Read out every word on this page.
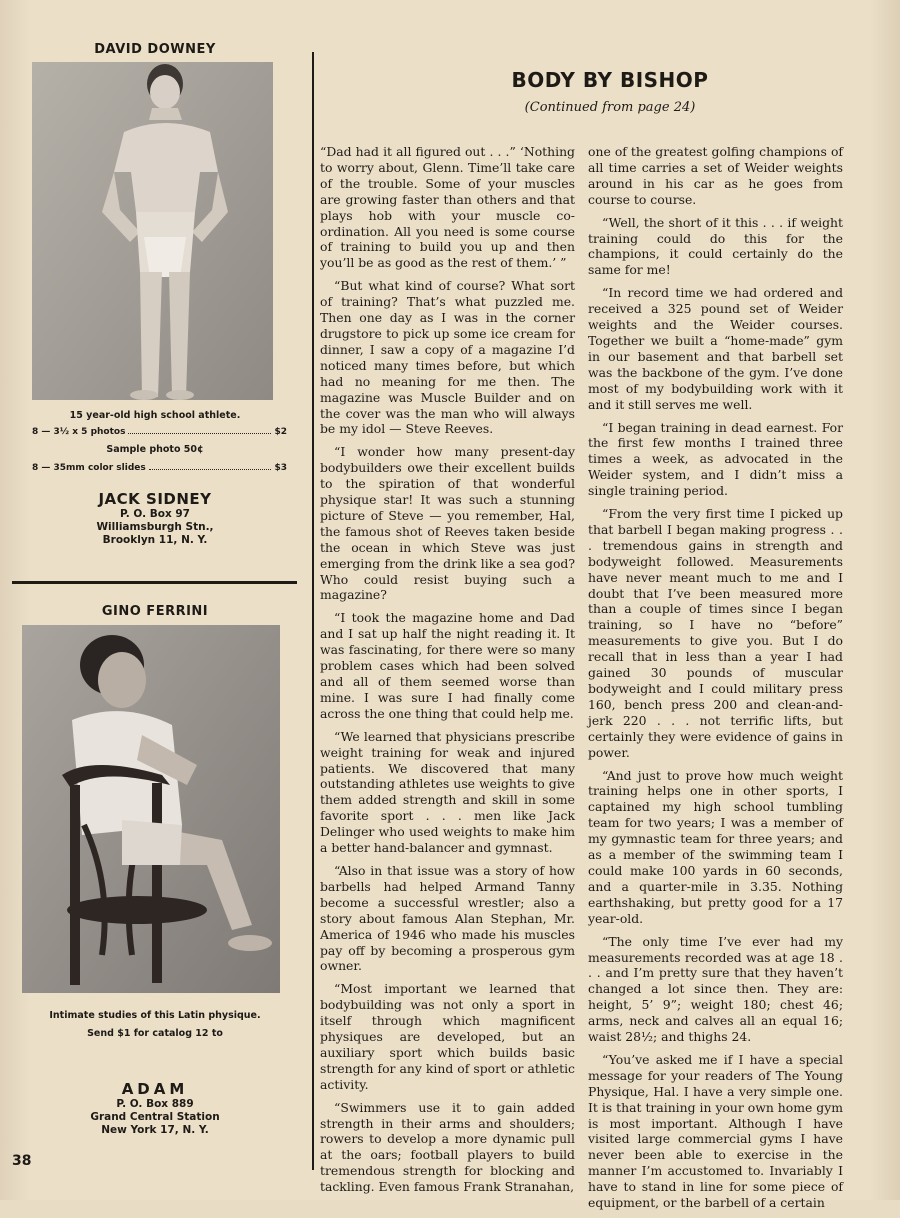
DAVID DOWNEY
15 year-old high school athlete.
8 — 3½ x 5 photos	$2
Sample photo 50¢
8 — 35mm color slides	$3
JACK SIDNEY
P. O. Box 97
Williamsburgh Stn.,
Brooklyn 11, N. Y.
GINO FERRINI
Intimate studies of this Latin physique.
Send $1 for catalog 12 to
ADAM
P. O. Box 889
Grand Central Station
New York 17, N. Y.
38
BODY BY BISHOP
(Continued from page 24)

“Dad had it all figured out . . .” ‘Nothing to worry about, Glenn. Time’ll take care of the trouble. Some of your muscles are growing faster than others and that plays hob with your muscle co-ordination. All you need is some course of training to build you up and then you’ll be as good as the rest of them.’ ”

“But what kind of course? What sort of training? That’s what puzzled me. Then one day as I was in the corner drugstore to pick up some ice cream for dinner, I saw a copy of a magazine I’d noticed many times before, but which had no meaning for me then. The magazine was Muscle Builder and on the cover was the man who will always be my idol — Steve Reeves.

“I wonder how many present-day bodybuilders owe their excellent builds to the spiration of that wonderful physique star! It was such a stunning picture of Steve — you remember, Hal, the famous shot of Reeves taken beside the ocean in which Steve was just emerging from the drink like a sea god? Who could resist buying such a magazine?

“I took the magazine home and Dad and I sat up half the night reading it. It was fascinating, for there were so many problem cases which had been solved and all of them seemed worse than mine. I was sure I had finally come across the one thing that could help me.

“We learned that physicians prescribe weight training for weak and injured patients. We discovered that many outstanding athletes use weights to give them added strength and skill in some favorite sport . . . men like Jack Delinger who used weights to make him a better hand-balancer and gymnast.

“Also in that issue was a story of how barbells had helped Armand Tanny become a successful wrestler; also a story about famous Alan Stephan, Mr. America of 1946 who made his muscles pay off by becoming a prosperous gym owner.

“Most important we learned that bodybuilding was not only a sport in itself through which magnificent physiques are developed, but an auxiliary sport which builds basic strength for any kind of sport or athletic activity.

“Swimmers use it to gain added strength in their arms and shoulders; rowers to develop a more dynamic pull at the oars; football players to build tremendous strength for blocking and tackling. Even famous Frank Stranahan,

one of the greatest golfing champions of all time carries a set of Weider weights around in his car as he goes from course to course.

“Well, the short of it this . . . if weight training could do this for the champions, it could certainly do the same for me!

“In record time we had ordered and received a 325 pound set of Weider weights and the Weider courses. Together we built a “home-made” gym in our basement and that barbell set was the backbone of the gym. I’ve done most of my bodybuilding work with it and it still serves me well.

“I began training in dead earnest. For the first few months I trained three times a week, as advocated in the Weider system, and I didn’t miss a single training period.

“From the very first time I picked up that barbell I began making progress . . . tremendous gains in strength and bodyweight followed. Measurements have never meant much to me and I doubt that I’ve been measured more than a couple of times since I began training, so I have no “before” measurements to give you. But I do recall that in less than a year I had gained 30 pounds of muscular bodyweight and I could military press 160, bench press 200 and clean-and-jerk 220 . . . not terrific lifts, but certainly they were evidence of gains in power.

“And just to prove how much weight training helps one in other sports, I captained my high school tumbling team for two years; I was a member of my gymnastic team for three years; and as a member of the swimming team I could make 100 yards in 60 seconds, and a quarter-mile in 3.35. Nothing earthshaking, but pretty good for a 17 year-old.

“The only time I’ve ever had my measurements recorded was at age 18 . . . and I’m pretty sure that they haven’t changed a lot since then. They are: height, 5’ 9”; weight 180; chest 46; arms, neck and calves all an equal 16; waist 28½; and thighs 24.

“You’ve asked me if I have a special message for your readers of The Young Physique, Hal. I have a very simple one. It is that training in your own home gym is most important. Although I have visited large commercial gyms I have never been able to exercise in the manner I’m accustomed to. Invariably I have to stand in line for some piece of equipment, or the barbell of a certain
